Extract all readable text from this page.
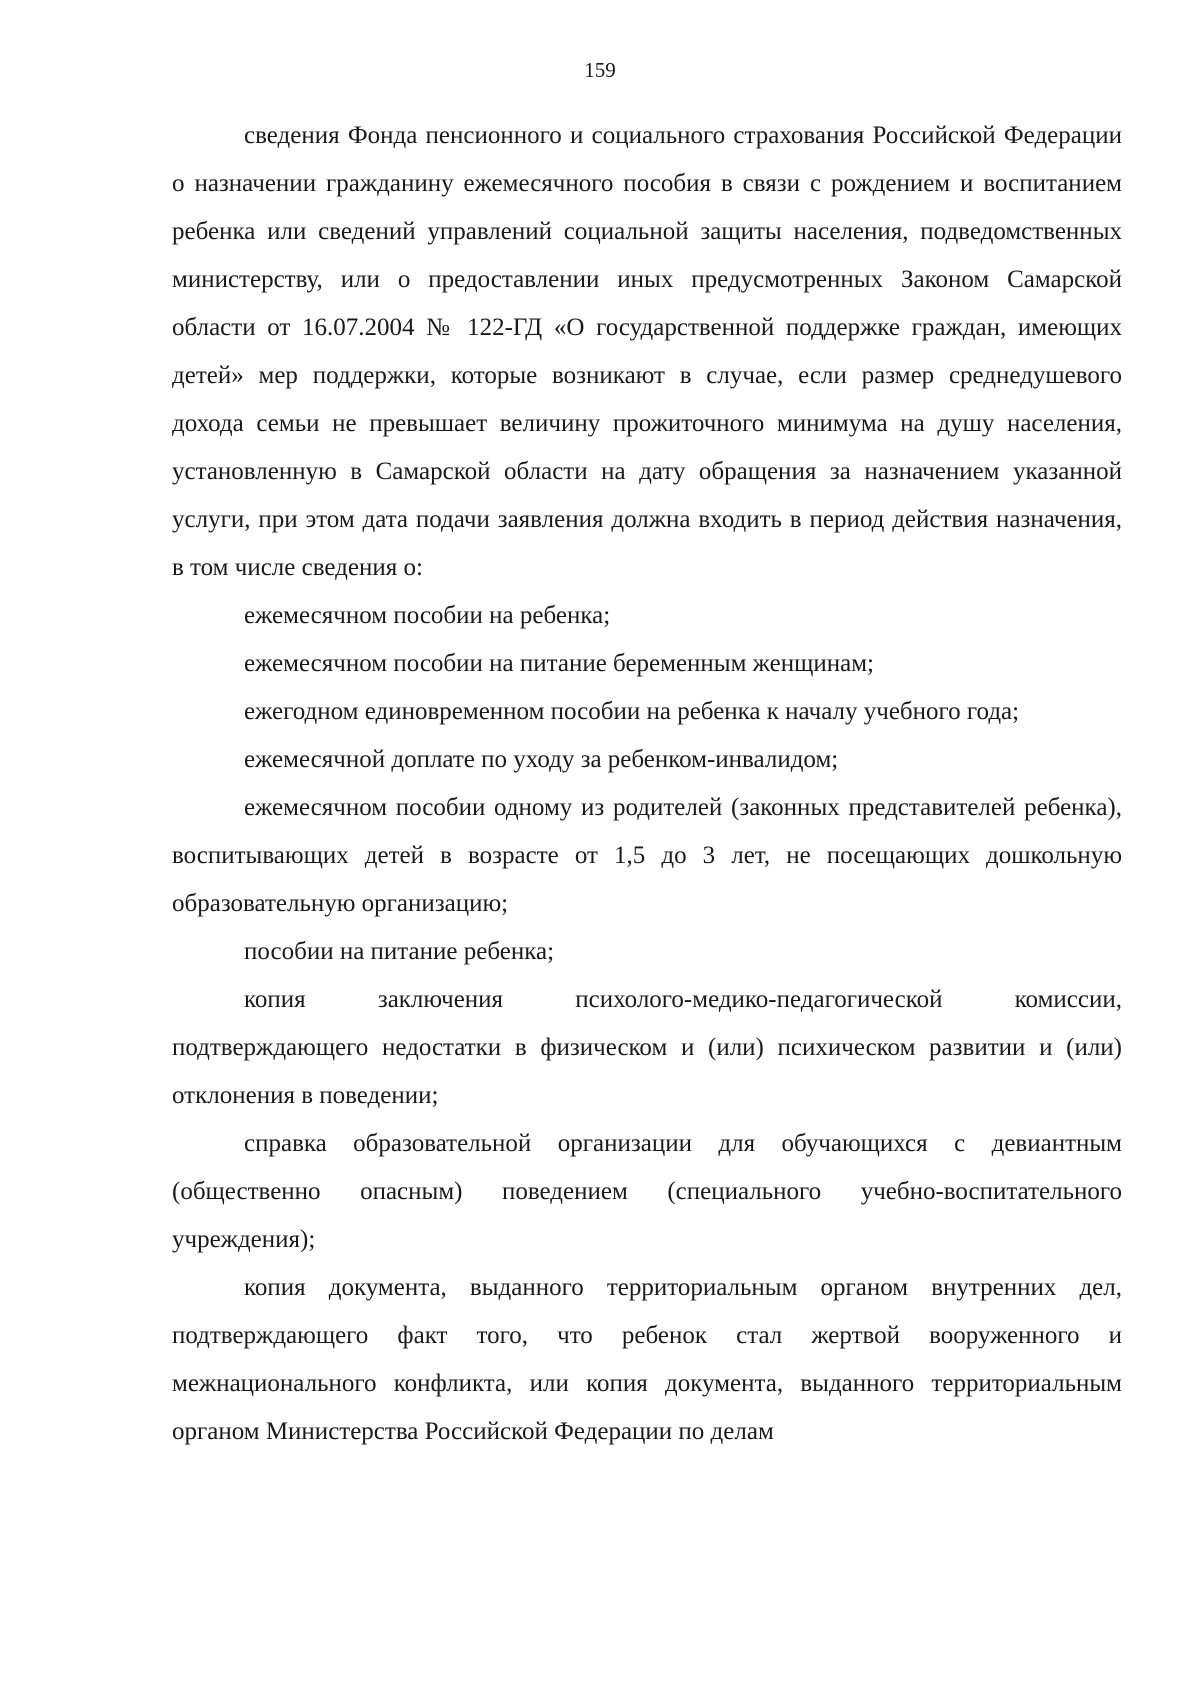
159

сведения Фонда пенсионного и социального страхования Российской Федерации о назначении гражданину ежемесячного пособия в связи с рождением и воспитанием ребенка или сведений управлений социальной защиты населения, подведомственных министерству, или о предоставлении иных предусмотренных Законом Самарской области от 16.07.2004 № 122-ГД «О государственной поддержке граждан, имеющих детей» мер поддержки, которые возникают в случае, если размер среднедушевого дохода семьи не превышает величину прожиточного минимума на душу населения, установленную в Самарской области на дату обращения за назначением указанной услуги, при этом дата подачи заявления должна входить в период действия назначения, в том числе сведения о:

ежемесячном пособии на ребенка;

ежемесячном пособии на питание беременным женщинам;

ежегодном единовременном пособии на ребенка к началу учебного года;

ежемесячной доплате по уходу за ребенком-инвалидом;

ежемесячном пособии одному из родителей (законных представителей ребенка), воспитывающих детей в возрасте от 1,5 до 3 лет, не посещающих дошкольную образовательную организацию;

пособии на питание ребенка;

копия заключения психолого-медико-педагогической комиссии, подтверждающего недостатки в физическом и (или) психическом развитии и (или) отклонения в поведении;

справка образовательной организации для обучающихся с девиантным (общественно опасным) поведением (специального учебно-воспитательного учреждения);

копия документа, выданного территориальным органом внутренних дел, подтверждающего факт того, что ребенок стал жертвой вооруженного и межнационального конфликта, или копия документа, выданного территориальным органом Министерства Российской Федерации по делам
